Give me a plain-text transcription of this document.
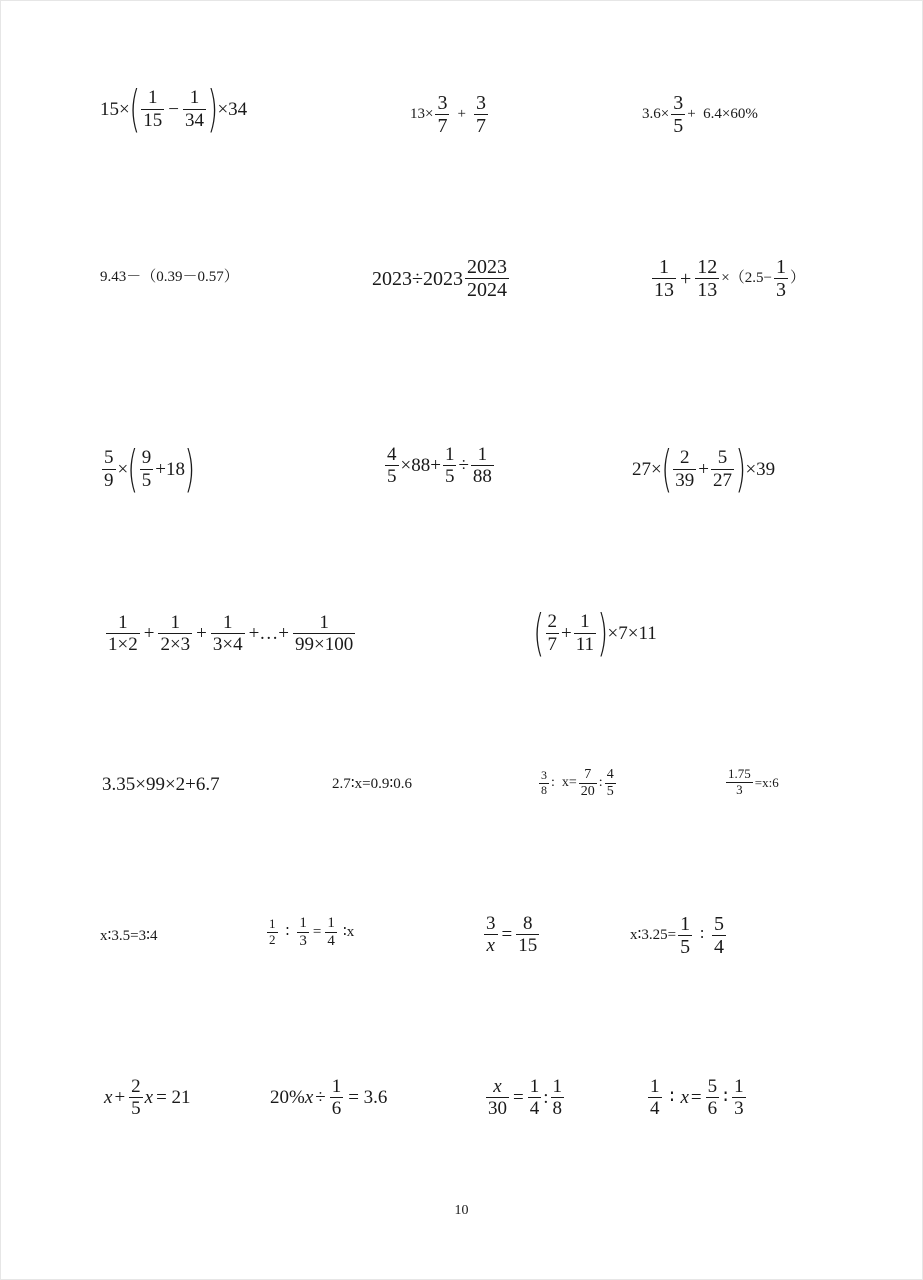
15× ( $\frac{1}{15} - \frac{1}{34}$ ) ×34	$13\times \frac{3}{7} + \frac{3}{7}$	$3.6\times \frac{3}{5} + 6.4\times 60\%$
9.43－（0.39－0.57）	$2023\div 2023 \frac{2023}{2024}$	$\frac{1}{13} + \frac{12}{13} \times(2.5- \frac{1}{3}$ ）
$\frac{5}{9}$ × ( $\frac{9}{5} +18$ )	$\frac{4}{5} \times 88+ \frac{1}{5} \div \frac{1}{88}$	27× ( $\frac{2}{39} + \frac{5}{27}$ ) ×39
$\frac{1}{1\times 2} + \frac{1}{2\times 3} + \frac{1}{3\times 4}$ +…+ $\frac{1}{99\times 100}$	( $\frac{2}{7} + \frac{1}{11}$ ) ×7×11
3.35×99×2+6.7	2.7∶x=0.9∶0.6	$\frac{3}{8}$ :  $x= \frac{7}{20}$ : $\frac{4}{5}$	$\frac{1.75}{3}$ =x:6
x∶3.5=3∶4	$\frac{1}{2}$ ∶ $\frac{1}{3} = \frac{1}{4}$ ∶x	$\frac{3}{x} = \frac{8}{15}$	x∶3.25= $\frac{1}{5}$ ∶ $\frac{5}{4}$
$x + \frac{2}{5}$ x = 21	20% $x \div \frac{1}{6} = 3.6$	$\frac{x}{30} = \frac{1}{4}$ : $\frac{1}{8}$	$\frac{1}{4}$ ∶ $x = \frac{5}{6}$ ∶ $\frac{1}{3}$
10
